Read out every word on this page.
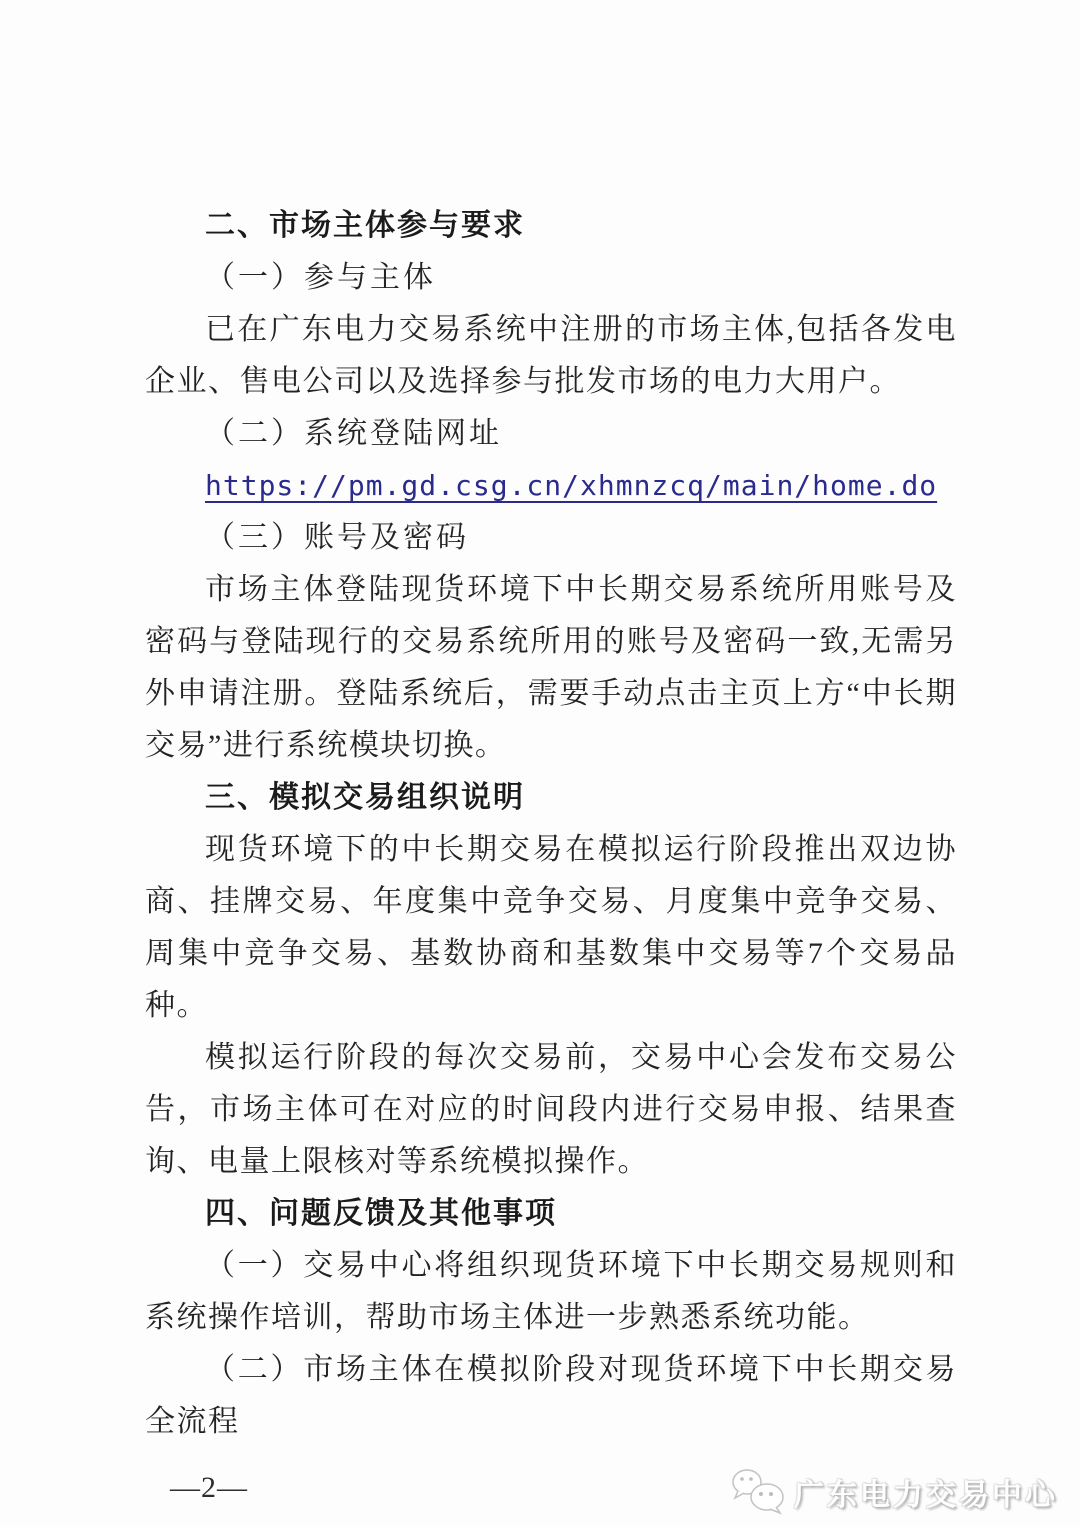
二、市场主体参与要求

（一）参与主体

已在广东电力交易系统中注册的市场主体,包括各发电企业、售电公司以及选择参与批发市场的电力大用户。

（二）系统登陆网址

https://pm.gd.csg.cn/xhmnzcq/main/home.do

（三）账号及密码

市场主体登陆现货环境下中长期交易系统所用账号及密码与登陆现行的交易系统所用的账号及密码一致,无需另外申请注册。登陆系统后，需要手动点击主页上方“中长期交易”进行系统模块切换。

三、模拟交易组织说明

现货环境下的中长期交易在模拟运行阶段推出双边协商、挂牌交易、年度集中竞争交易、月度集中竞争交易、周集中竞争交易、基数协商和基数集中交易等7个交易品种。

模拟运行阶段的每次交易前，交易中心会发布交易公告，市场主体可在对应的时间段内进行交易申报、结果查询、电量上限核对等系统模拟操作。

四、问题反馈及其他事项

（一）交易中心将组织现货环境下中长期交易规则和系统操作培训，帮助市场主体进一步熟悉系统功能。

（二）市场主体在模拟阶段对现货环境下中长期交易全流程

—2—	广东电力交易中心
